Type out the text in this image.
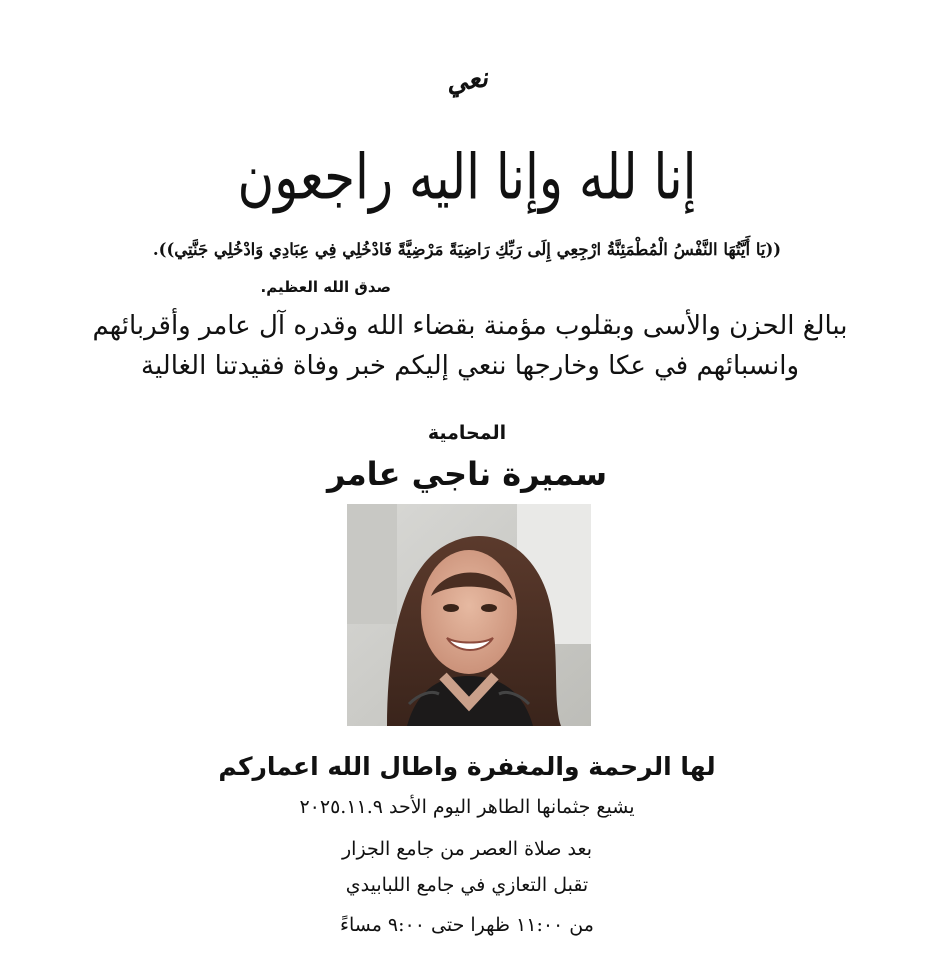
نعي
إنا لله وإنا اليه راجعون
((يَا أَيَّتُهَا النَّفْسُ الْمُطْمَئِنَّةُ ارْجِعِي إِلَى رَبِّكِ رَاضِيَةً مَرْضِيَّةً فَادْخُلِي فِي عِبَادِي وَادْخُلِي جَنَّتِي)).
صدق الله العظيم.
ببالغ الحزن والأسى وبقلوب مؤمنة بقضاء الله وقدره آل عامر وأقربائهم وانسبائهم في عكا وخارجها ننعي إليكم خبر وفاة فقيدتنا الغالية
المحامية
سميرة ناجي عامر
لها الرحمة والمغفرة واطال الله اعماركم
يشيع جثمانها الطاهر اليوم الأحد ٢٠٢٥.١١.٩
بعد صلاة العصر من جامع الجزار
تقبل التعازي في جامع اللبابيدي
من ١١:٠٠ ظهرا حتى ٩:٠٠ مساءً
